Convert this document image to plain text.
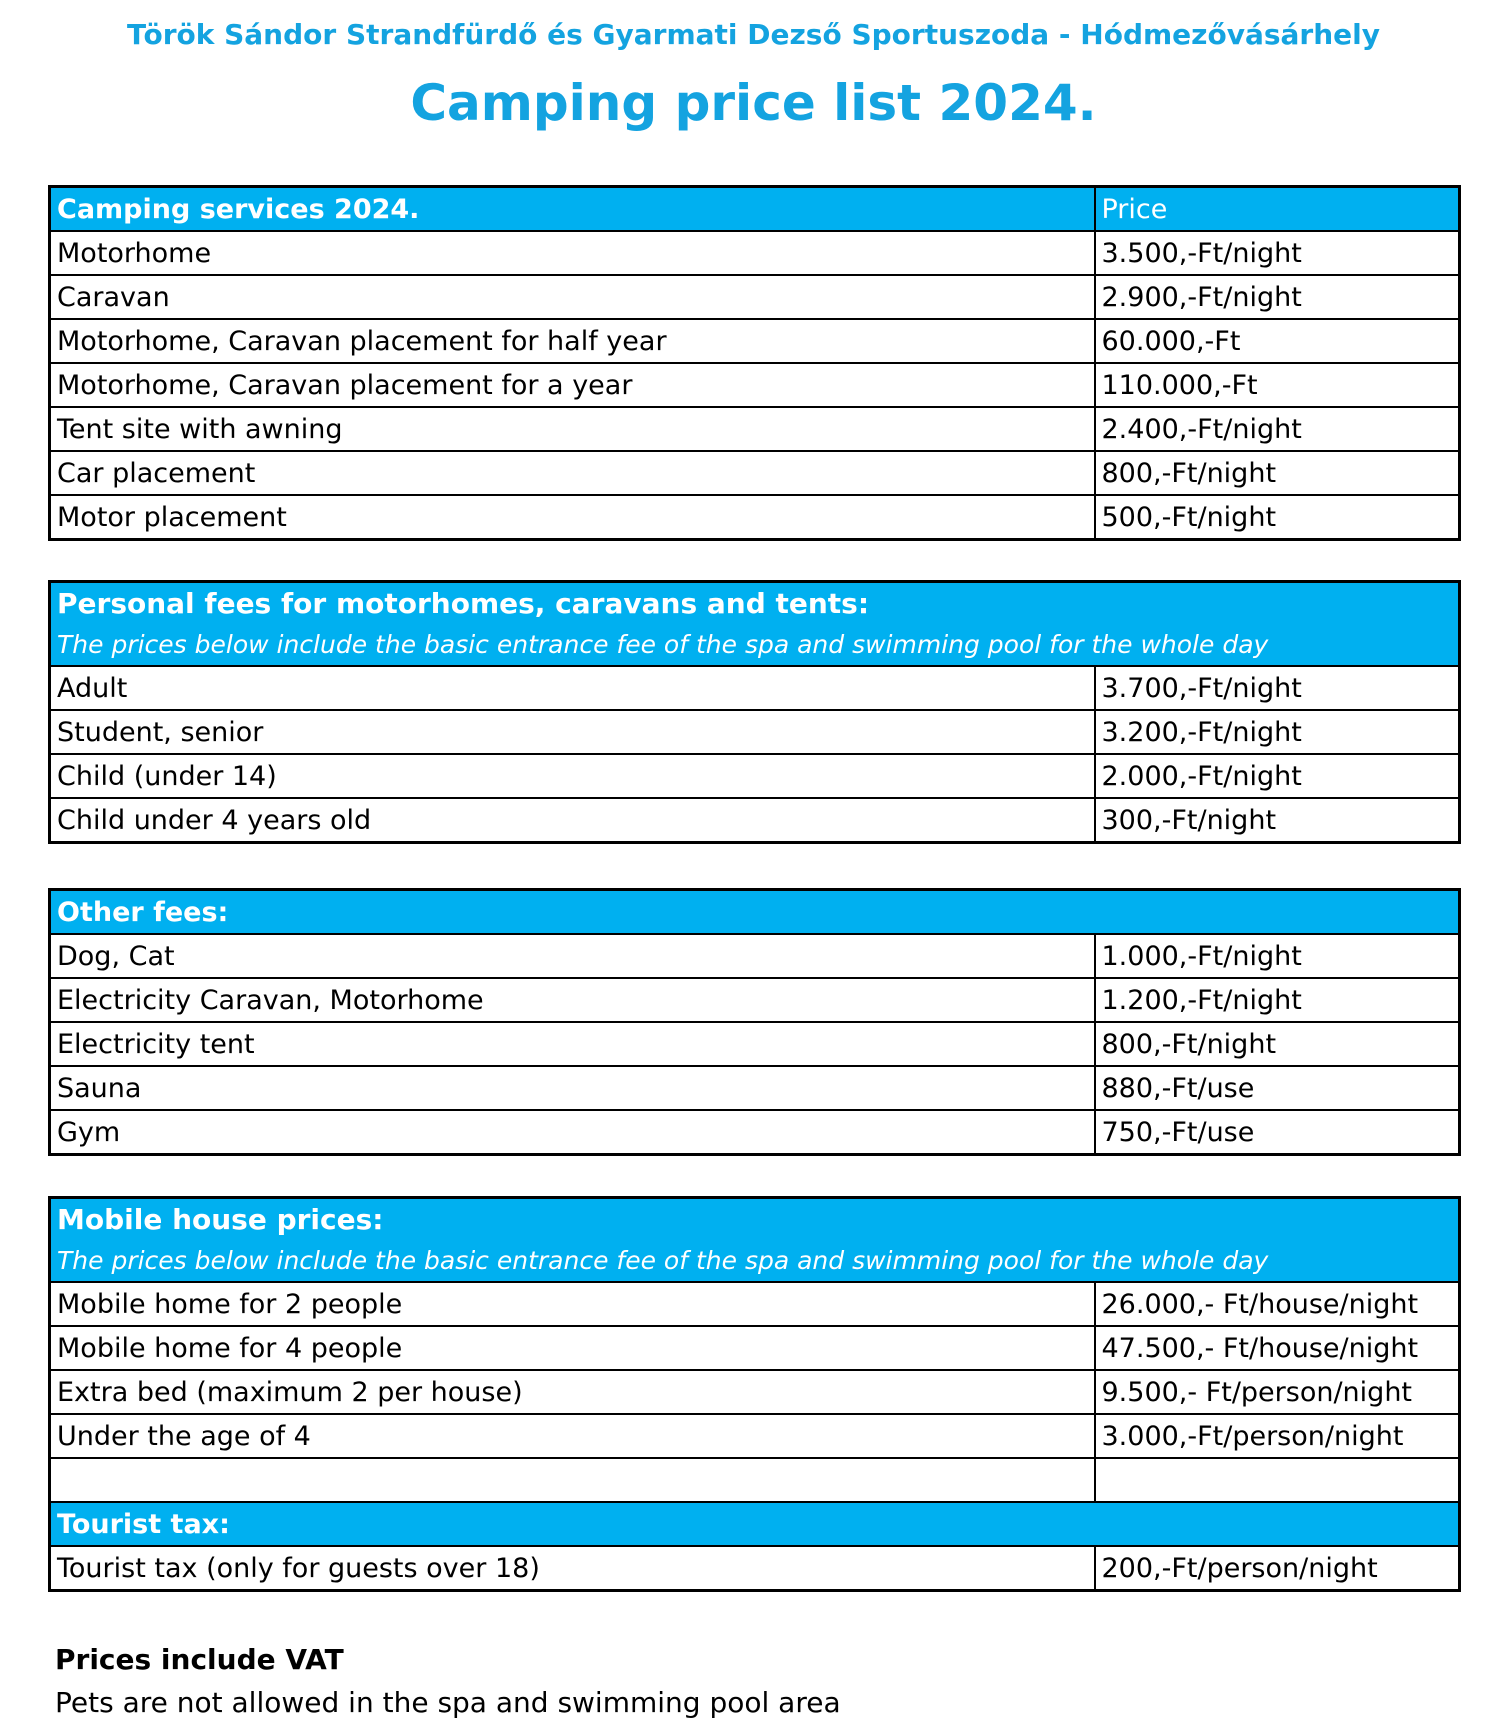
Török Sándor Strandfürdő és Gyarmati Dezső Sportuszoda - Hódmezővásárhely
Camping price list 2024.
Camping services 2024.	Price
Motorhome	3.500,-Ft/night
Caravan	2.900,-Ft/night
Motorhome, Caravan placement for half year	60.000,-Ft
Motorhome, Caravan placement for a year	110.000,-Ft
Tent site with awning	2.400,-Ft/night
Car placement	800,-Ft/night
Motor placement	500,-Ft/night
Personal fees for motorhomes, caravans and tents:
The prices below include the basic entrance fee of the spa and swimming pool for the whole day	

Adult	3.700,-Ft/night
Student, senior	3.200,-Ft/night
Child (under 14)	2.000,-Ft/night
Child under 4 years old	300,-Ft/night
Other fees:	
Dog, Cat	1.000,-Ft/night
Electricity Caravan, Motorhome	1.200,-Ft/night
Electricity tent	800,-Ft/night
Sauna	880,-Ft/use
Gym	750,-Ft/use
Mobile house prices:
The prices below include the basic entrance fee of the spa and swimming pool for the whole day	

Mobile home for 2 people	26.000,- Ft/house/night
Mobile home for 4 people	47.500,- Ft/house/night
Extra bed (maximum 2 per house)	9.500,- Ft/person/night
Under the age of 4	3.000,-Ft/person/night

Tourist tax:	
Tourist tax (only for guests over 18)	200,-Ft/person/night
Prices include VAT
Pets are not allowed in the spa and swimming pool area
